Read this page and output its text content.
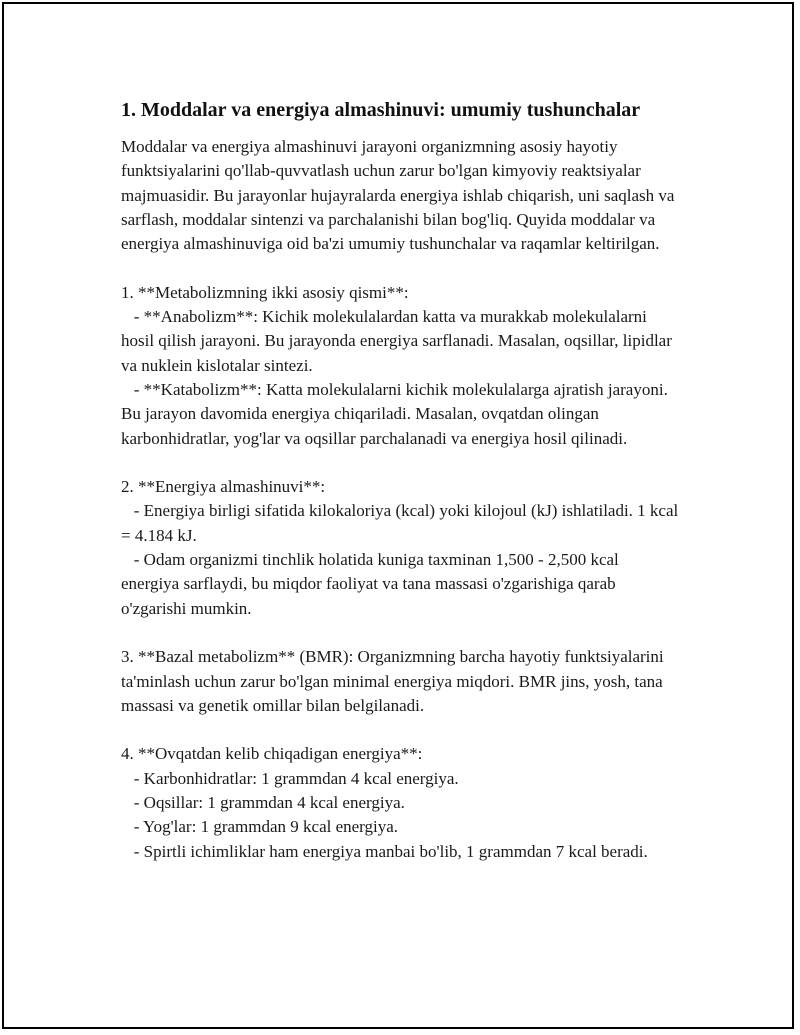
1. Moddalar va energiya almashinuvi: umumiy tushunchalar

Moddalar va energiya almashinuvi jarayoni organizmning asosiy hayotiy funktsiyalarini qo'llab-quvvatlash uchun zarur bo'lgan kimyoviy reaktsiyalar majmuasidir. Bu jarayonlar hujayralarda energiya ishlab chiqarish, uni saqlash va sarflash, moddalar sintenzi va parchalanishi bilan bog'liq. Quyida moddalar va energiya almashinuviga oid ba'zi umumiy tushunchalar va raqamlar keltirilgan.

1. **Metabolizmning ikki asosiy qismi**:

- **Anabolizm**: Kichik molekulalardan katta va murakkab molekulalarni hosil qilish jarayoni. Bu jarayonda energiya sarflanadi. Masalan, oqsillar, lipidlar va nuklein kislotalar sintezi.

- **Katabolizm**: Katta molekulalarni kichik molekulalarga ajratish jarayoni. Bu jarayon davomida energiya chiqariladi. Masalan, ovqatdan olingan karbonhidratlar, yog'lar va oqsillar parchalanadi va energiya hosil qilinadi.

2. **Energiya almashinuvi**:

- Energiya birligi sifatida kilokaloriya (kcal) yoki kilojoul (kJ) ishlatiladi. 1 kcal = 4.184 kJ.

- Odam organizmi tinchlik holatida kuniga taxminan 1,500 - 2,500 kcal energiya sarflaydi, bu miqdor faoliyat va tana massasi o'zgarishiga qarab o'zgarishi mumkin.

3. **Bazal metabolizm** (BMR): Organizmning barcha hayotiy funktsiyalarini ta'minlash uchun zarur bo'lgan minimal energiya miqdori. BMR jins, yosh, tana massasi va genetik omillar bilan belgilanadi.

4. **Ovqatdan kelib chiqadigan energiya**:

- Karbonhidratlar: 1 grammdan 4 kcal energiya.

- Oqsillar: 1 grammdan 4 kcal energiya.

- Yog'lar: 1 grammdan 9 kcal energiya.

- Spirtli ichimliklar ham energiya manbai bo'lib, 1 grammdan 7 kcal beradi.
